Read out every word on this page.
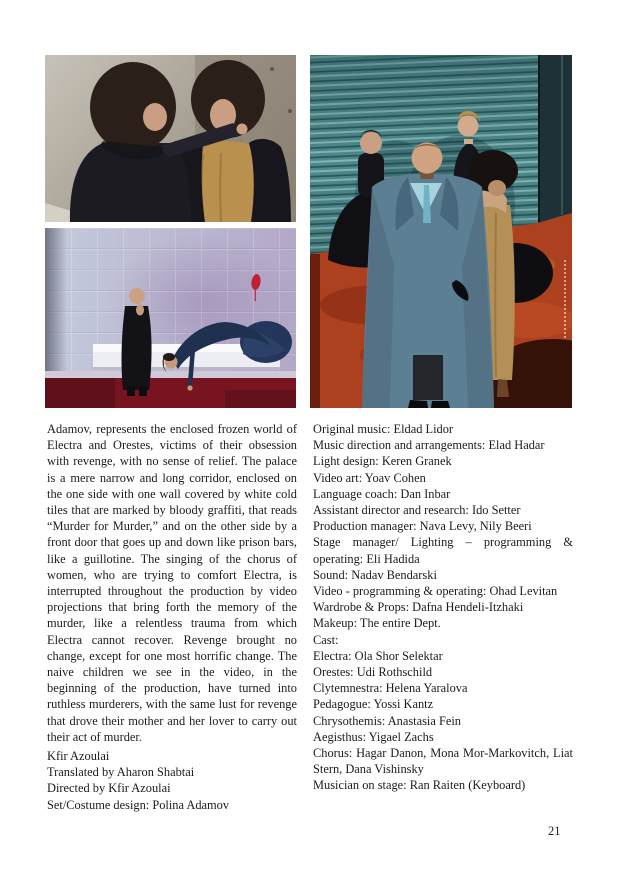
Adamov, represents the enclosed frozen world of Electra and Orestes, victims of their obsession with revenge, with no sense of relief. The palace is a mere narrow and long corridor, enclosed on the one side with one wall covered by white cold tiles that are marked by bloody graffiti, that reads “Murder for Murder,” and on the other side by a front door that goes up and down like prison bars, like a guillotine. The singing of the chorus of women, who are trying to comfort Electra, is interrupted throughout the production by video projections that bring forth the memory of the murder, like a relentless trauma from which Electra cannot recover. Revenge brought no change, except for one most horrific change. The naive children we see in the video, in the beginning of the production, have turned into ruthless murderers, with the same lust for revenge that drove their mother and her lover to carry out their act of murder.

Kfir Azoulai
Translated by Aharon Shabtai
Directed by Kfir Azoulai
Set/Costume design: Polina Adamov
Original music: Eldad Lidor
Music direction and arrangements: Elad Hadar
Light design: Keren Granek
Video art: Yoav Cohen
Language coach: Dan Inbar
Assistant director and research: Ido Setter
Production manager: Nava Levy, Nily Beeri
Stage manager/ Lighting – programming & operating: Eli Hadida
Sound: Nadav Bendarski
Video - programming & operating: Ohad Levitan
Wardrobe & Props: Dafna Hendeli-Itzhaki
Makeup: The entire Dept.
Cast:
Electra: Ola Shor Selektar
Orestes: Udi Rothschild
Clytemnestra: Helena Yaralova
Pedagogue: Yossi Kantz
Chrysothemis: Anastasia Fein
Aegisthus: Yigael Zachs
Chorus: Hagar Danon, Mona Mor-Markovitch, Liat Stern, Dana Vishinsky
Musician on stage: Ran Raiten (Keyboard)
21
